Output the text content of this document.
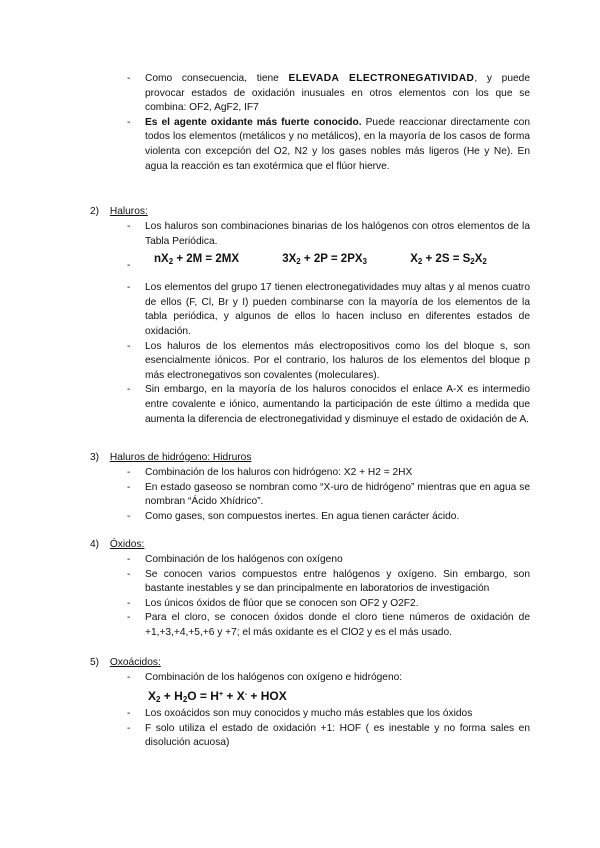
- Como consecuencia, tiene ELEVADA ELECTRONEGATIVIDAD, y puede provocar estados de oxidación inusuales en otros elementos con los que se combina: OF2, AgF2, IF7
- Es el agente oxidante más fuerte conocido. Puede reaccionar directamente con todos los elementos (metálicos y no metálicos), en la mayoría de los casos de forma violenta con excepción del O2, N2 y los gases nobles más ligeros (He y Ne). En agua la reacción es tan exotérmica que el flúor hierve.
2) Haluros:
- Los haluros son combinaciones binarias de los halógenos con otros elementos de la Tabla Periódica.
-
- Los elementos del grupo 17 tienen electronegatividades muy altas y al menos cuatro de ellos (F, Cl, Br y I) pueden combinarse con la mayoría de los elementos de la tabla periódica, y algunos de ellos lo hacen incluso en diferentes estados de oxidación.
- Los haluros de los elementos más electropositivos como los del bloque s, son esencialmente iónicos. Por el contrario, los haluros de los elementos del bloque p más electronegativos son covalentes (moleculares).
- Sin embargo, en la mayoría de los haluros conocidos el enlace A-X es intermedio entre covalente e iónico, aumentando la participación de este último a medida que aumenta la diferencia de electronegatividad y disminuye el estado de oxidación de A.
$nX_2 + 2M = 2MX$	$3X_2 + 2P = 2PX_3$	$X_2 + 2S = S_2X_2$
3) Haluros de hidrógeno: Hidruros
- Combinación de los haluros con hidrógeno: X2 + H2 = 2HX
- En estado gaseoso se nombran como “X-uro de hidrógeno” mientras que en agua se nombran “Ácido Xhídrico”.
- Como gases, son compuestos inertes. En agua tienen carácter ácido.
4) Óxidos:
- Combinación de los halógenos con oxígeno
- Se conocen varios compuestos entre halógenos y oxígeno. Sin embargo, son bastante inestables y se dan principalmente en laboratorios de investigación
- Los únicos óxidos de flúor que se conocen son OF2 y O2F2.
- Para el cloro, se conocen óxidos donde el cloro tiene números de oxidación de +1,+3,+4,+5,+6 y +7; el más oxidante es el ClO2 y es el más usado.
5) Oxoácidos:
- Combinación de los halógenos con oxígeno e hidrógeno:
$X_2 + H_2O = H^+ + X^-$ + HOX
- Los oxoácidos son muy conocidos y mucho más estables que los óxidos
- F solo utiliza el estado de oxidación +1: HOF ( es inestable y no forma sales en disolución acuosa)
